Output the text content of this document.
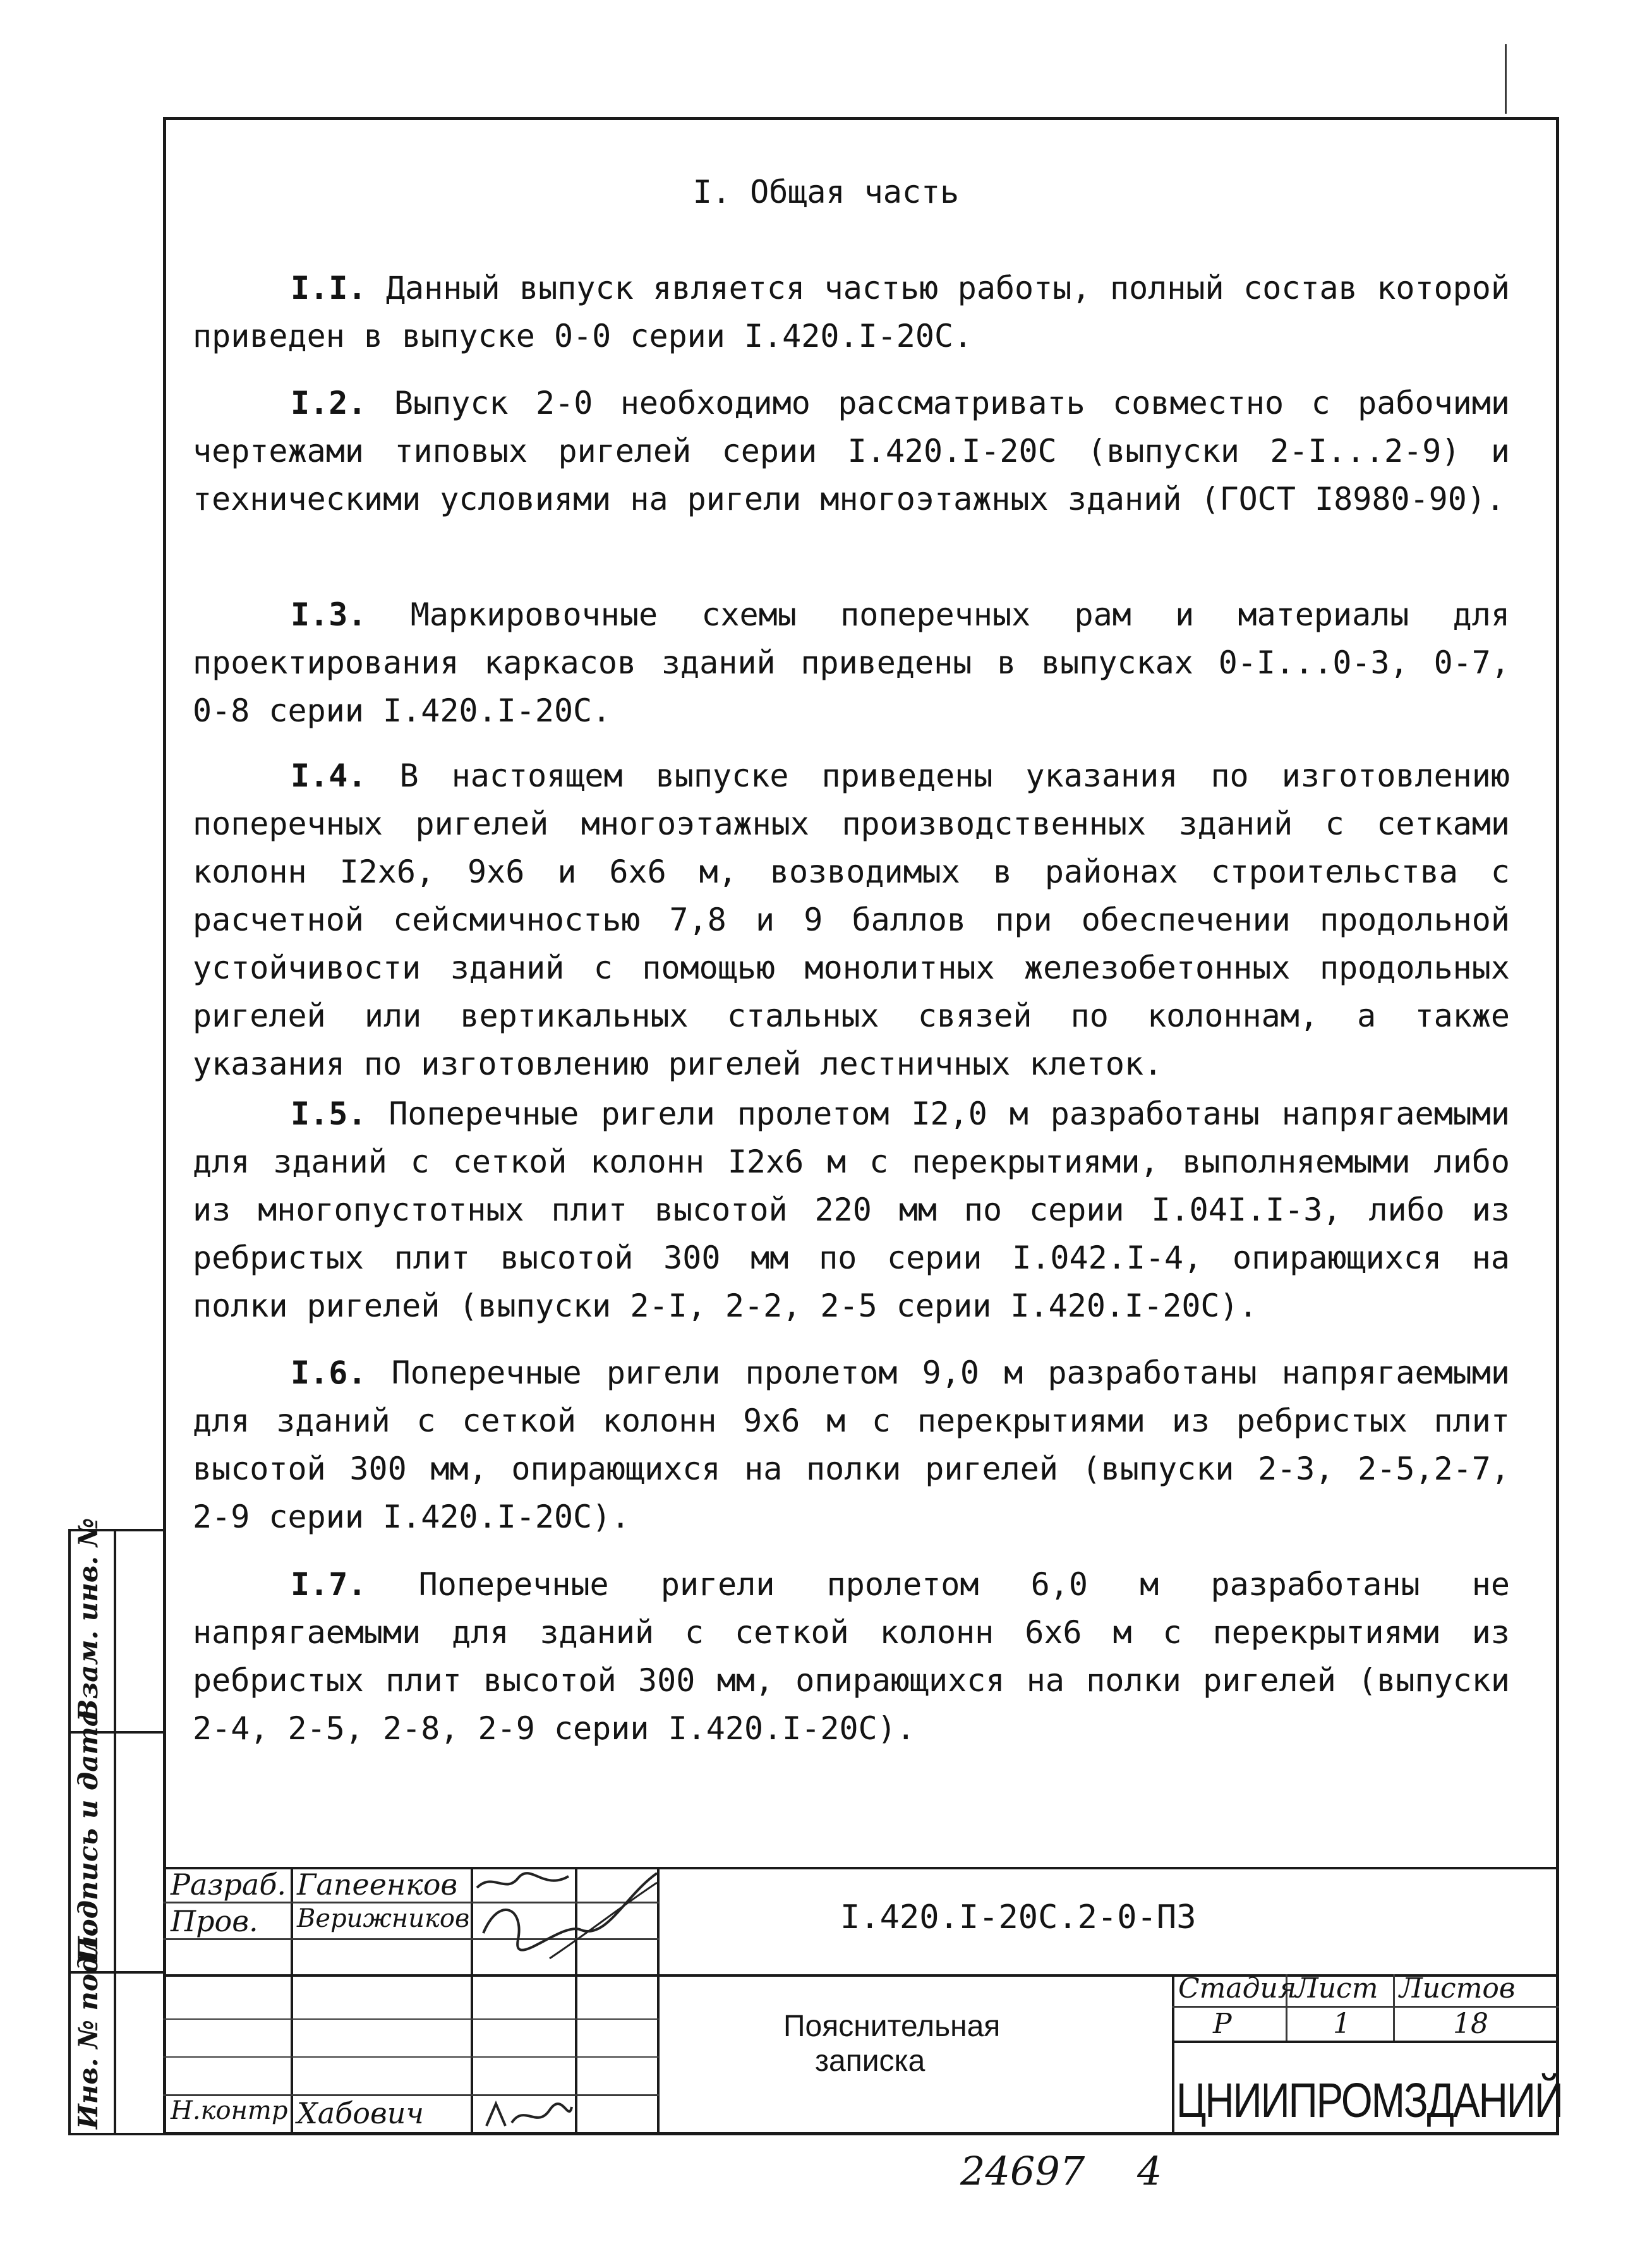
Взам. инв. №
Подпись и дата
Инв. № подл.
I. Общая часть

I.I. Данный выпуск является частью работы, полный состав которой приведен в выпуске 0-0 серии I.420.I-20C.

I.2. Выпуск 2-0 необходимо рассматривать совместно с рабочими чертежами типовых ригелей серии I.420.I-20C (выпуски 2-I...2-9) и техническими условиями на ригели многоэтажных зданий (ГОСТ I8980-90).

I.3. Маркировочные схемы поперечных рам и материалы для проектирования каркасов зданий приведены в выпусках 0-I...0-3, 0-7, 0-8 серии I.420.I-20C.

I.4. В настоящем выпуске приведены указания по изготовлению поперечных ригелей многоэтажных производственных зданий с сетками колонн I2х6, 9х6 и 6х6 м, возводимых в районах строительства с расчетной сейсмичностью 7,8 и 9 баллов при обеспечении продольной устойчивости зданий с помощью монолитных железобетонных продольных ригелей или вертикальных стальных связей по колоннам, а также указания по изготовлению ригелей лестничных клеток.

I.5. Поперечные ригели пролетом I2,0 м разработаны напрягаемыми для зданий с сеткой колонн I2х6 м с перекрытиями, выполняемыми либо из многопустотных плит высотой 220 мм по серии I.04I.I-3, либо из ребристых плит высотой 300 мм по серии I.042.I-4, опирающихся на полки ригелей (выпуски 2-I, 2-2, 2-5 серии I.420.I-20C).

I.6. Поперечные ригели пролетом 9,0 м разработаны напрягаемыми для зданий с сеткой колонн 9х6 м с перекрытиями из ребристых плит высотой 300 мм, опирающихся на полки ригелей (выпуски 2-3, 2-5,2-7, 2-9 серии I.420.I-20C).

I.7. Поперечные ригели пролетом 6,0 м разработаны не напрягаемыми для зданий с сеткой колонн 6х6 м с перекрытиями из ребристых плит высотой 300 мм, опирающихся на полки ригелей (выпуски 2-4, 2-5, 2-8, 2-9 серии I.420.I-20C).

Разраб. Гапеенков
Пров. Верижников
Н.контр Хабович
I.420.I-20C.2-0-ПЗ
Пояснительная
записка
Стадия
Лист Листов
Р	1	18
ЦНИИПРОМЗДАНИЙ
24697 4
